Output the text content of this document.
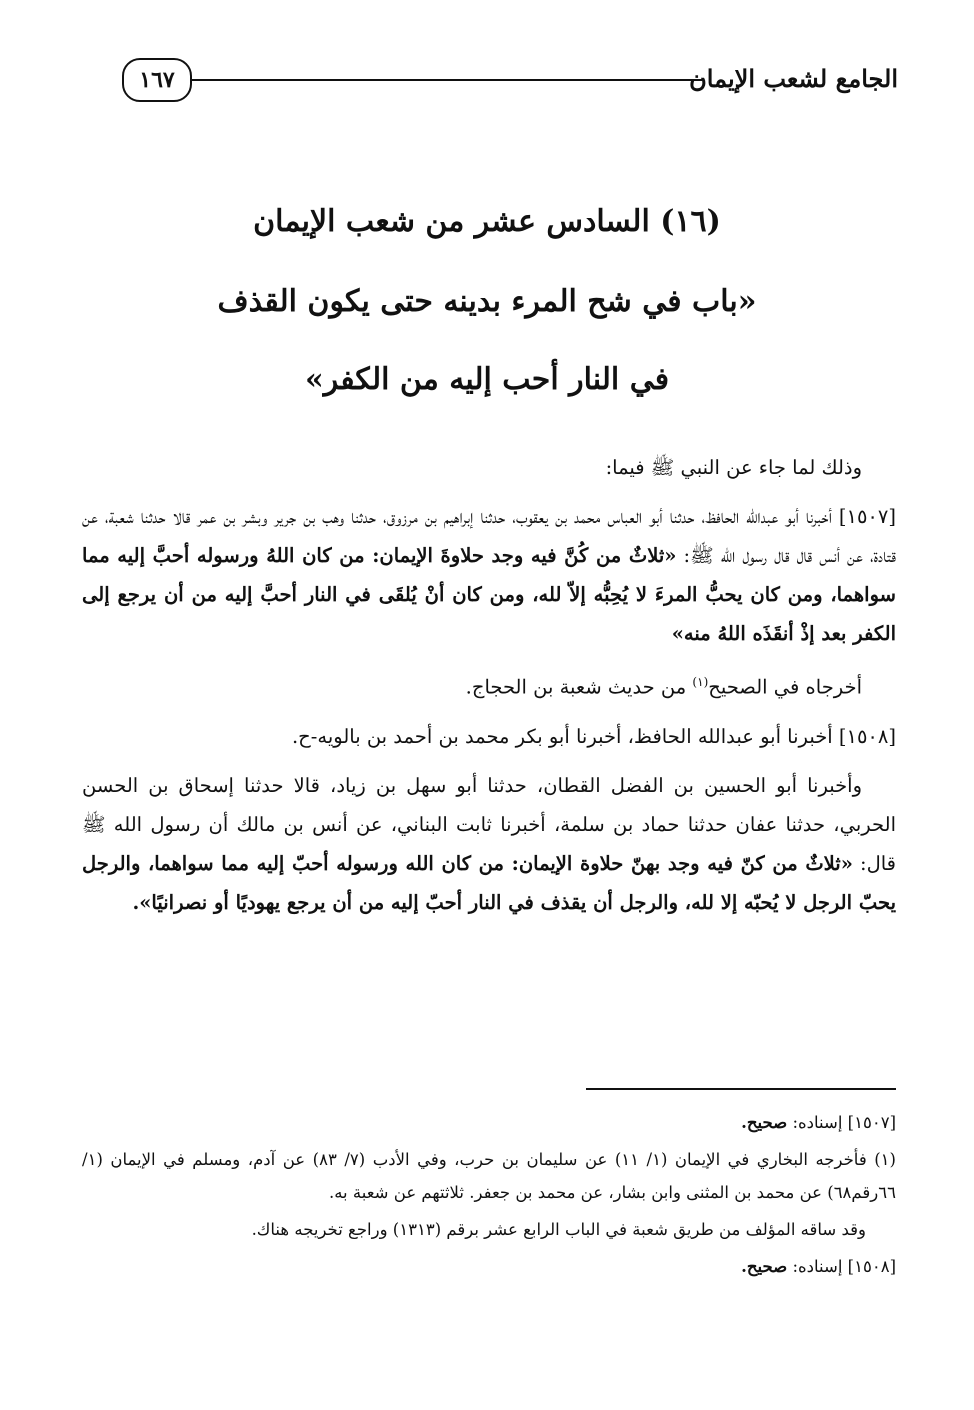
الجامع لشعب الإيمان
١٦٧
(١٦) السادس عشر من شعب الإيمان
«باب في شح المرء بدينه حتى يكون القذف
في النار أحب إليه من الكفر»

وذلك لما جاء عن النبي ﷺ فيما:

[١٥٠٧] أخبرنا أبو عبدالله الحافظ، حدثنا أبو العباس محمد بن يعقوب، حدثنا إبراهيم بن مرزوق، حدثنا وهب بن جرير وبشر بن عمر قالا حدثنا شعبة، عن قتادة، عن أنس قال قال رسول الله ﷺ: «ثلاثٌ من كُنَّ فيه وجد حلاوةَ الإيمان: من كان اللهُ ورسوله أحبَّ إليه مما سواهما، ومن كان يحبُّ المرءَ لا يُحِبُّه إلاّ لله، ومن كان أنْ يُلقَى في النار أحبَّ إليه من أن يرجع إلى الكفر بعد إذْ أنقَذَه اللهُ منه»

أخرجاه في الصحيح$^{(١)}$ من حديث شعبة بن الحجاج.

[١٥٠٨] أخبرنا أبو عبدالله الحافظ، أخبرنا أبو بكر محمد بن أحمد بن بالويه-ح.

وأخبرنا أبو الحسين بن الفضل القطان، حدثنا أبو سهل بن زياد، قالا حدثنا إسحاق بن الحسن الحربي، حدثنا عفان حدثنا حماد بن سلمة، أخبرنا ثابت البناني، عن أنس بن مالك أن رسول الله ﷺ قال: «ثلاثٌ من كنّ فيه وجد بهنّ حلاوة الإيمان: من كان الله ورسوله أحبّ إليه مما سواهما، والرجل يحبّ الرجل لا يُحبّه إلا لله، والرجل أن يقذف في النار أحبّ إليه من أن يرجع يهوديًا أو نصرانيًا».

[١٥٠٧] إسناده: صحيح.

(١) فأخرجه البخاري في الإيمان (١/ ١١) عن سليمان بن حرب، وفي الأدب (٧/ ٨٣) عن آدم، ومسلم في الإيمان (١/ ٦٦رقم٦٨) عن محمد بن المثنى وابن بشار، عن محمد بن جعفر. ثلاثتهم عن شعبة به.

وقد ساقه المؤلف من طريق شعبة في الباب الرابع عشر برقم (١٣١٣) وراجع تخريجه هناك.

[١٥٠٨] إسناده: صحيح.
